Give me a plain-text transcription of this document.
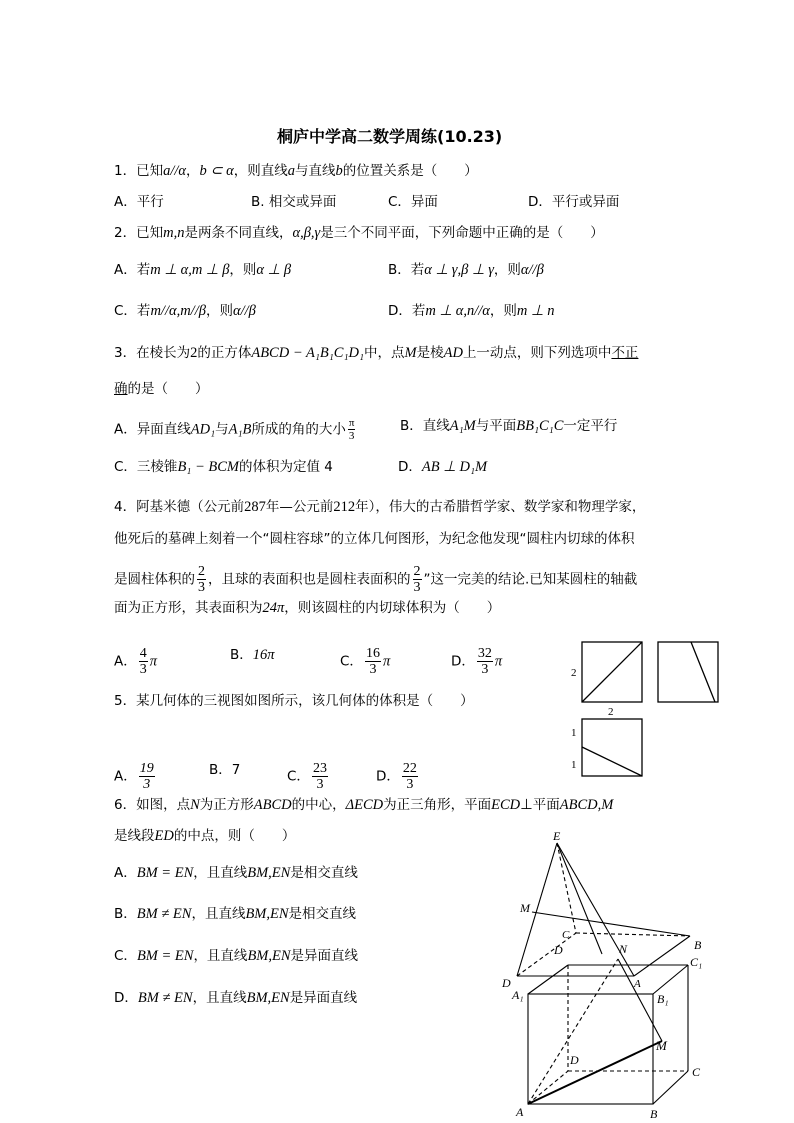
桐庐中学高二数学周练(10.23)
1．已知a//α，b ⊂ α，则直线a与直线b的位置关系是（　　）
A．平行	B. 相交或异面	C．异面	D．平行或异面
2．已知m,n是两条不同直线，α,β,γ是三个不同平面，下列命题中正确的是（　　）
A．若m ⊥ α,m ⊥ β，则α ⊥ β	B．若α ⊥ γ,β ⊥ γ，则α//β
C．若m//α,m//β，则α//β	D．若m ⊥ α,n//α，则m ⊥ n
3．在棱长为2的正方体ABCD − A₁B₁C₁D₁中，点M是棱AD上一动点，则下列选项中不正
确的是（　　）
A．异面直线AD₁与A₁B所成的角的大小 $\frac{\pi}{3}$	B．直线A₁M与平面BB₁C₁C一定平行
C．三棱锥B₁ − BCM的体积为定值 4	D．AB ⊥ D₁M
4．阿基米德（公元前287年—公元前212年），伟大的古希腊哲学家、数学家和物理学家，
他死后的墓碑上刻着一个“圆柱容球”的立体几何图形，为纪念他发现“圆柱内切球的体积
是圆柱体积的 $\frac{2}{3}$ ，且球的表面积也是圆柱表面积的 $\frac{2}{3}$ ”这一完美的结论.已知某圆柱的轴截
面为正方形，其表面积为24π，则该圆柱的内切球体积为（　　）
A． $\frac{4}{3}$ π	B．16π	C． $\frac{16}{3}$ π	D． $\frac{32}{3}$ π
5．某几何体的三视图如图所示，该几何体的体积是（　　）
A． $\frac{19}{3}$	B．7	C． $\frac{23}{3}$	D． $\frac{22}{3}$
2
2
1
1
6．如图，点N为正方形ABCD的中心，ΔECD为正三角形，平面ECD⊥平面ABCD,M
是线段ED的中点，则（　　）
A．BM = EN，且直线BM,EN是相交直线
B．BM ≠ EN，且直线BM,EN是相交直线
C．BM = EN，且直线BM,EN是异面直线
D．BM ≠ EN，且直线BM,EN是异面直线
E
M
C
D
N	B
A
D
C₁
A₁	B₁
M
D
C
A	B
